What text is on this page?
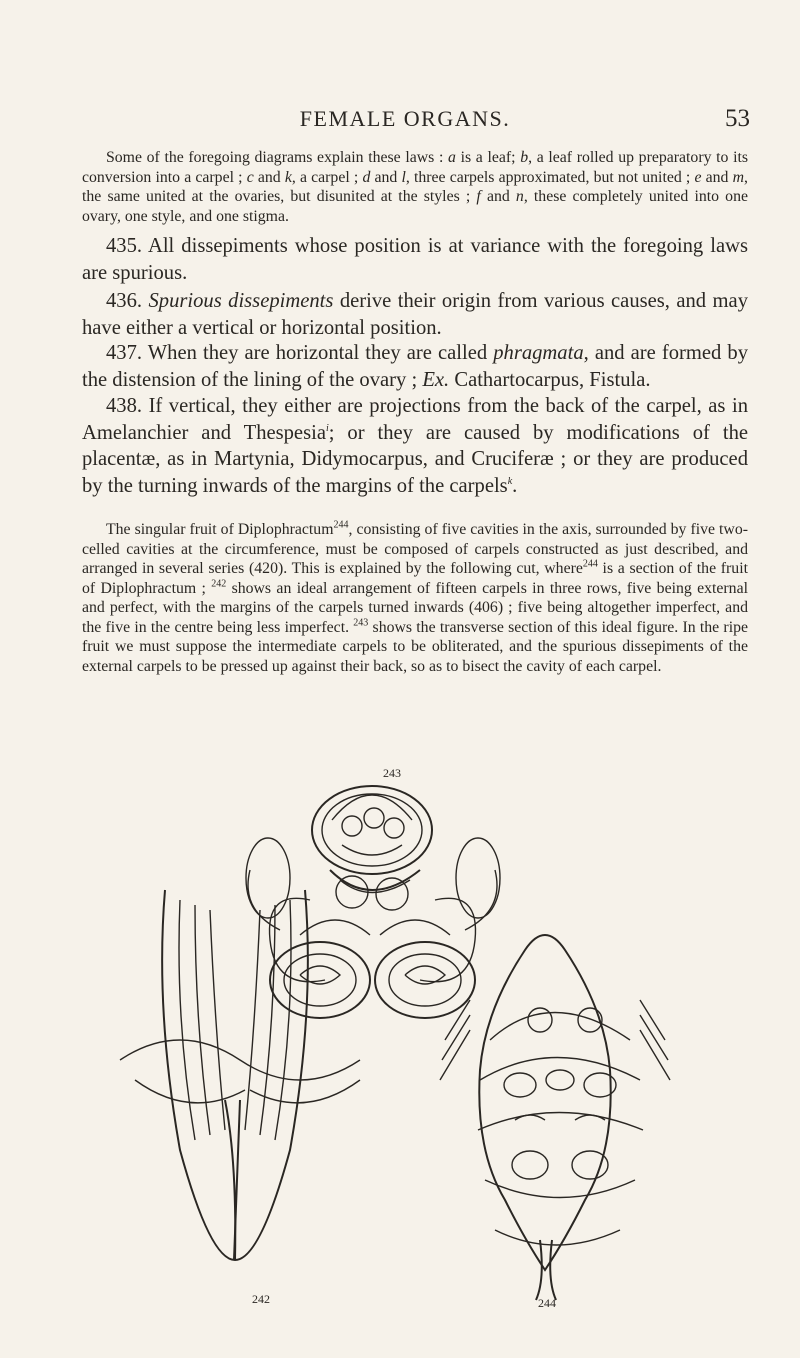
FEMALE ORGANS.	53

Some of the foregoing diagrams explain these laws : a is a leaf; b, a leaf rolled up preparatory to its conversion into a carpel ; c and k, a carpel ; d and l, three carpels approximated, but not united ; e and m, the same united at the ovaries, but disunited at the styles ; f and n, these completely united into one ovary, one style, and one stigma.

435. All dissepiments whose position is at variance with the foregoing laws are spurious.

436. Spurious dissepiments derive their origin from various causes, and may have either a vertical or horizontal position.

437. When they are horizontal they are called phragmata, and are formed by the distension of the lining of the ovary ; Ex. Cathartocarpus, Fistula.

438. If vertical, they either are projections from the back of the carpel, as in Amelanchier and Thespesia$^i$; or they are caused by modifications of the placentæ, as in Martynia, Didymocarpus, and Cruciferæ ; or they are produced by the turning inwards of the margins of the carpels$^k$.

The singular fruit of Diplophractum$^{244}$, consisting of five cavities in the axis, surrounded by five two-celled cavities at the circumference, must be composed of carpels constructed as just described, and arranged in several series (420). This is explained by the following cut, where$^{244}$ is a section of the fruit of Diplophractum ; $^{242}$ shows an ideal arrangement of fifteen carpels in three rows, five being external and perfect, with the margins of the carpels turned inwards (406) ; five being altogether imperfect, and the five in the centre being less imperfect. $^{243}$ shows the transverse section of this ideal figure. In the ripe fruit we must suppose the intermediate carpels to be obliterated, and the spurious dissepiments of the external carpels to be pressed up against their back, so as to bisect the cavity of each carpel.

243
242	244
